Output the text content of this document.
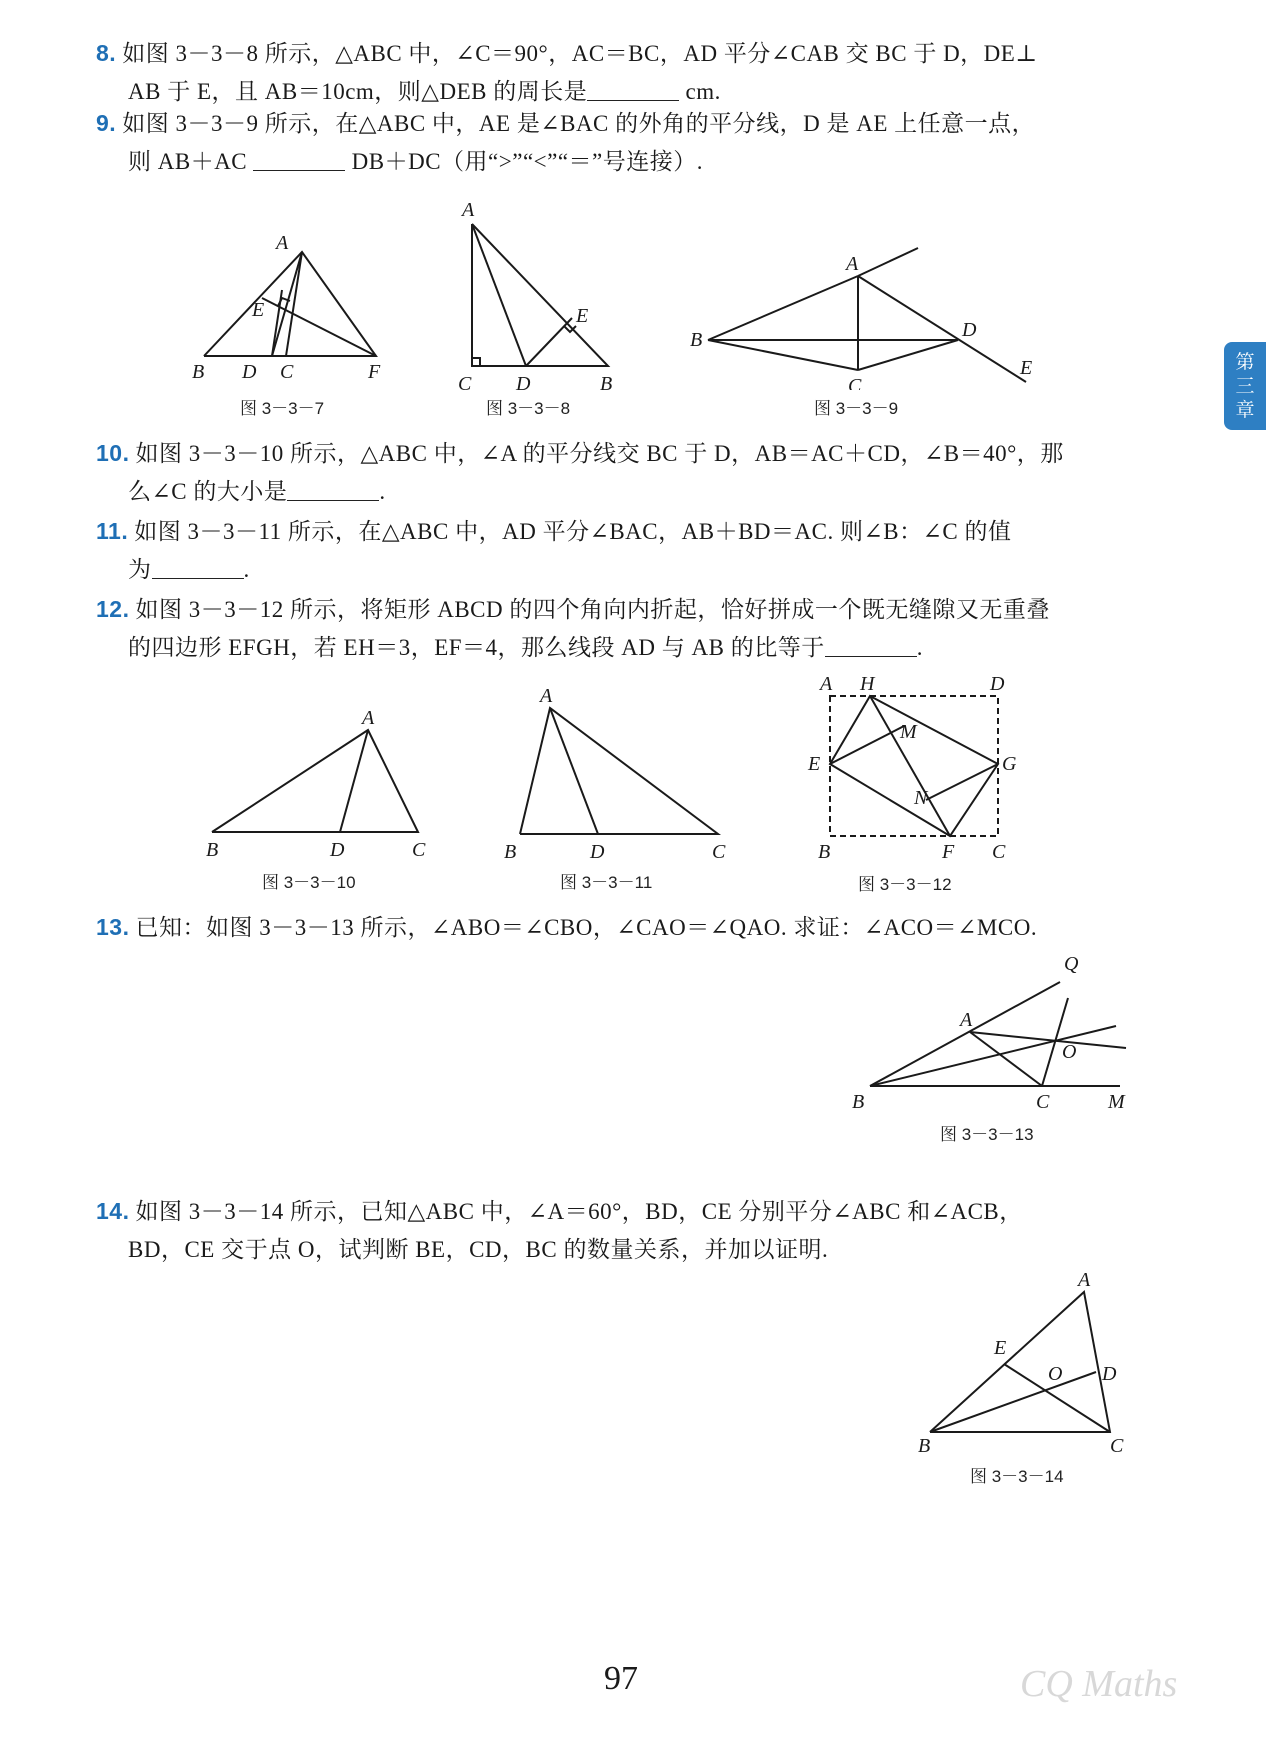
8. 如图 3－3－8 所示，△ABC 中，∠C＝90°，AC＝BC，AD 平分∠CAB 交 BC 于 D，DE⊥
AB 于 E，且 AB＝10cm，则△DEB 的周长是	cm.
9. 如图 3－3－9 所示，在△ABC 中，AE 是∠BAC 的外角的平分线，D 是 AE 上任意一点，
则 AB＋AC	DB＋DC（用“>”“<”“＝”号连接）.
A
E
B D C	F
图 3－3－7
A
E
C D	B
图 3－3－8
A
B	D
E
C
图 3－3－9
10. 如图 3－3－10 所示，△ABC 中，∠A 的平分线交 BC 于 D，AB＝AC＋CD，∠B＝40°，那
么∠C 的大小是	.
11. 如图 3－3－11 所示，在△ABC 中，AD 平分∠BAC，AB＋BD＝AC. 则∠B：∠C 的值
为	.
12. 如图 3－3－12 所示，将矩形 ABCD 的四个角向内折起，恰好拼成一个既无缝隙又无重叠
的四边形 EFGH，若 EH＝3，EF＝4，那么线段 AD 与 AB 的比等于	.
A
B	D	C
图 3－3－10
A
B	D	C
图 3－3－11
A H	D
M
E	G
N
B	F C
图 3－3－12
13. 已知：如图 3－3－13 所示，∠ABO＝∠CBO，∠CAO＝∠QAO. 求证：∠ACO＝∠MCO.
Q
A
O
B	C	M
图 3－3－13
14. 如图 3－3－14 所示，已知△ABC 中，∠A＝60°，BD，CE 分别平分∠ABC 和∠ACB，
BD，CE 交于点 O，试判断 BE，CD，BC 的数量关系，并加以证明.
A
E
O D
B	C
图 3－3－14
第
三
章
97	CQ Maths
